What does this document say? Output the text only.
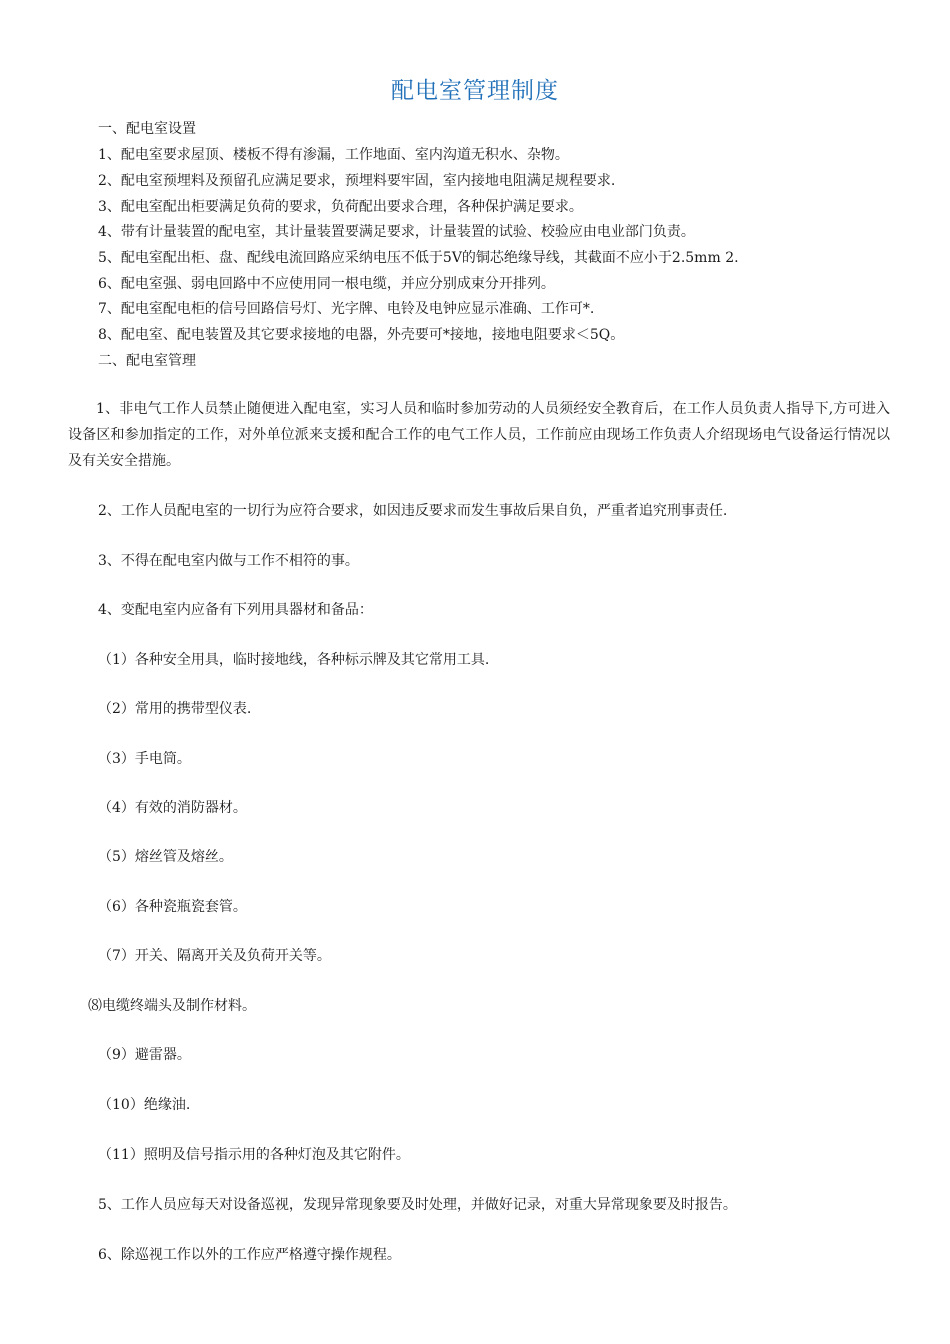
配电室管理制度
一、配电室设置
1、配电室要求屋顶、楼板不得有渗漏，工作地面、室内沟道无积水、杂物。
2、配电室预埋料及预留孔应满足要求，预埋料要牢固，室内接地电阻满足规程要求.
3、配电室配出柜要满足负荷的要求，负荷配出要求合理，各种保护满足要求。
4、带有计量装置的配电室，其计量装置要满足要求，计量装置的试验、校验应由电业部门负责。
5、配电室配出柜、盘、配线电流回路应采纳电压不低于5V的铜芯绝缘导线，其截面不应小于2.5mm 2.
6、配电室强、弱电回路中不应使用同一根电缆，并应分别成束分开排列。
7、配电室配电柜的信号回路信号灯、光字牌、电铃及电钟应显示准确、工作可*.
8、配电室、配电装置及其它要求接地的电器，外壳要可*接地，接地电阻要求＜5Q。
二、配电室管理
1、非电气工作人员禁止随便进入配电室，实习人员和临时参加劳动的人员须经安全教育后，在工作人员负责人指导下,方可进入设备区和参加指定的工作，对外单位派来支援和配合工作的电气工作人员，工作前应由现场工作负责人介绍现场电气设备运行情况以及有关安全措施。
2、工作人员配电室的一切行为应符合要求，如因违反要求而发生事故后果自负，严重者追究刑事责任.
3、不得在配电室内做与工作不相符的事。
4、变配电室内应备有下列用具器材和备品：
（1）各种安全用具，临时接地线，各种标示牌及其它常用工具.
（2）常用的携带型仪表.
（3）手电筒。
（4）有效的消防器材。
（5）熔丝管及熔丝。
（6）各种瓷瓶瓷套管。
（7）开关、隔离开关及负荷开关等。
⑻电缆终端头及制作材料。
（9）避雷器。
（10）绝缘油.
（11）照明及信号指示用的各种灯泡及其它附件。
5、工作人员应每天对设备巡视，发现异常现象要及时处理，并做好记录，对重大异常现象要及时报告。
6、除巡视工作以外的工作应严格遵守操作规程。
